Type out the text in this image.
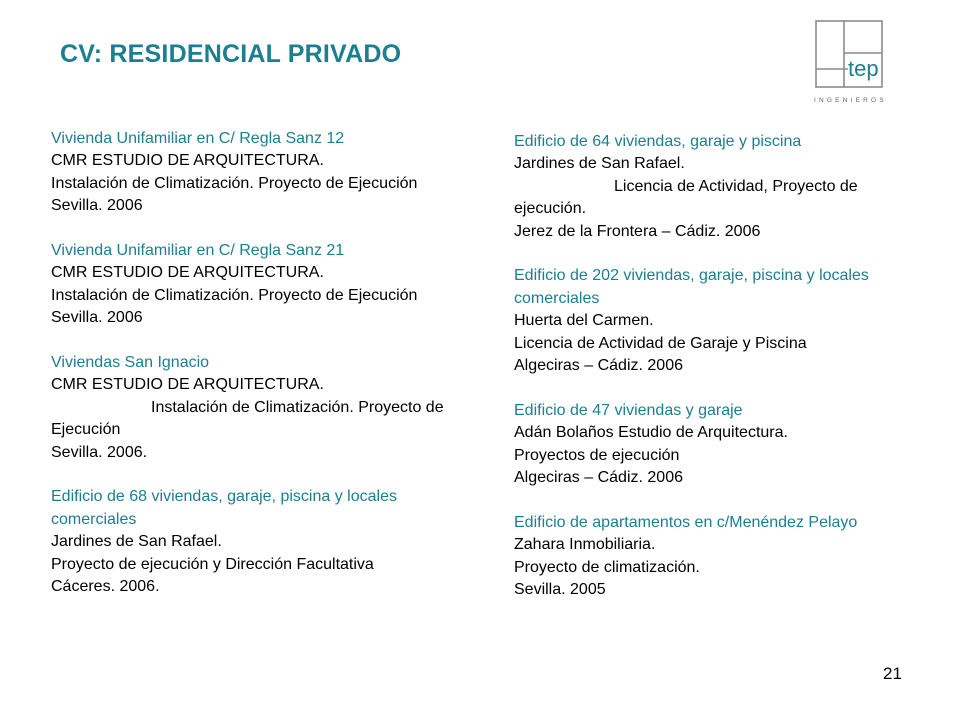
CV: RESIDENCIAL PRIVADO
tep
INGENIEROS
Vivienda Unifamiliar en C/ Regla Sanz 12
CMR ESTUDIO DE ARQUITECTURA.
Instalación de Climatización. Proyecto de Ejecución
Sevilla. 2006
Vivienda Unifamiliar en C/ Regla Sanz 21
CMR ESTUDIO DE ARQUITECTURA.
Instalación de Climatización. Proyecto de Ejecución
Sevilla. 2006
Viviendas San Ignacio
CMR ESTUDIO DE ARQUITECTURA.
Instalación de Climatización. Proyecto de Ejecución
Sevilla. 2006.
Edificio de 68 viviendas, garaje, piscina y locales comerciales
Jardines de San Rafael.
Proyecto de ejecución y Dirección Facultativa
Cáceres. 2006.
Edificio de 64 viviendas, garaje y piscina
Jardines de San Rafael.
Licencia de Actividad, Proyecto de ejecución.
Jerez de la Frontera – Cádiz. 2006
Edificio de 202 viviendas, garaje, piscina y locales comerciales
Huerta del Carmen.
Licencia de Actividad de Garaje y Piscina
Algeciras – Cádiz. 2006
Edificio de 47 viviendas y garaje
Adán Bolaños Estudio de Arquitectura.
Proyectos de ejecución
Algeciras – Cádiz. 2006
Edificio de apartamentos en c/Menéndez Pelayo
Zahara Inmobiliaria.
Proyecto de climatización.
Sevilla. 2005
21
